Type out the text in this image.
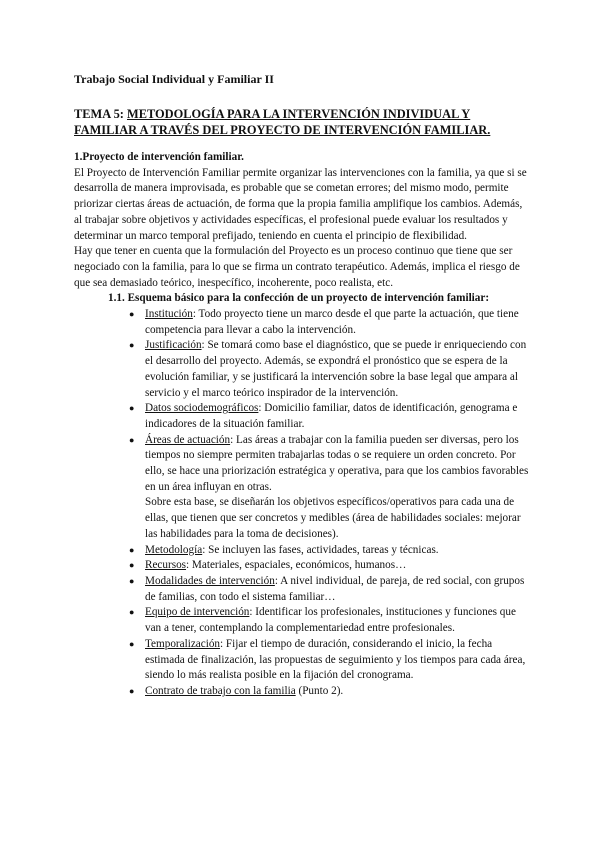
Trabajo Social Individual y Familiar II
TEMA 5: METODOLOGÍA PARA LA INTERVENCIÓN INDIVIDUAL Y FAMILIAR A TRAVÉS DEL PROYECTO DE INTERVENCIÓN FAMILIAR.

1.Proyecto de intervención familiar.

El Proyecto de Intervención Familiar permite organizar las intervenciones con la familia, ya que si se desarrolla de manera improvisada, es probable que se cometan errores; del mismo modo, permite priorizar ciertas áreas de actuación, de forma que la propia familia amplifique los cambios. Además, al trabajar sobre objetivos y actividades específicas, el profesional puede evaluar los resultados y determinar un marco temporal prefijado, teniendo en cuenta el principio de flexibilidad.

Hay que tener en cuenta que la formulación del Proyecto es un proceso continuo que tiene que ser negociado con la familia, para lo que se firma un contrato terapéutico. Además, implica el riesgo de que sea demasiado teórico, inespecífico, incoherente, poco realista, etc.

1.1. Esquema básico para la confección de un proyecto de intervención familiar:

● Institución: Todo proyecto tiene un marco desde el que parte la actuación, que tiene competencia para llevar a cabo la intervención.
● Justificación: Se tomará como base el diagnóstico, que se puede ir enriqueciendo con el desarrollo del proyecto. Además, se expondrá el pronóstico que se espera de la evolución familiar, y se justificará la intervención sobre la base legal que ampara al servicio y el marco teórico inspirador de la intervención.
● Datos sociodemográficos: Domicilio familiar, datos de identificación, genograma e indicadores de la situación familiar.
● Áreas de actuación: Las áreas a trabajar con la familia pueden ser diversas, pero los tiempos no siempre permiten trabajarlas todas o se requiere un orden concreto. Por ello, se hace una priorización estratégica y operativa, para que los cambios favorables en un área influyan en otras.

Sobre esta base, se diseñarán los objetivos específicos/operativos para cada una de ellas, que tienen que ser concretos y medibles (área de habilidades sociales: mejorar las habilidades para la toma de decisiones).

● Metodología: Se incluyen las fases, actividades, tareas y técnicas.
● Recursos: Materiales, espaciales, económicos, humanos…
● Modalidades de intervención: A nivel individual, de pareja, de red social, con grupos de familias, con todo el sistema familiar…
● Equipo de intervención: Identificar los profesionales, instituciones y funciones que van a tener, contemplando la complementariedad entre profesionales.
● Temporalización: Fijar el tiempo de duración, considerando el inicio, la fecha estimada de finalización, las propuestas de seguimiento y los tiempos para cada área, siendo lo más realista posible en la fijación del cronograma.
● Contrato de trabajo con la familia (Punto 2).
